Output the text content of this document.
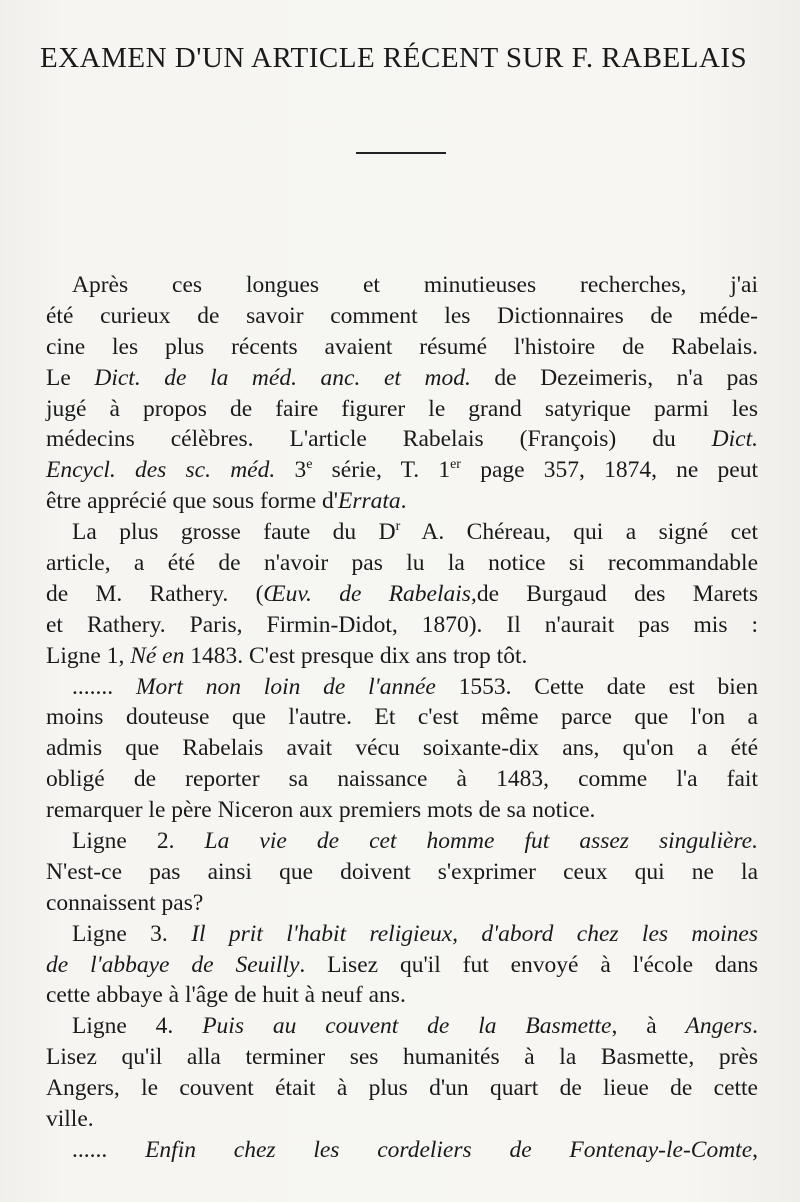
EXAMEN D'UN ARTICLE RÉCENT SUR F. RABELAIS
Après ces longues et minutieuses recherches, j'ai
été curieux de savoir comment les Dictionnaires de méde-
cine les plus récents avaient résumé l'histoire de Rabelais.
Le Dict. de la méd. anc. et mod. de Dezeimeris, n'a pas
jugé à propos de faire figurer le grand satyrique parmi les
médecins célèbres. L'article Rabelais (François) du Dict.
Encycl. des sc. méd. 3e série, T. 1er page 357, 1874, ne peut
être apprécié que sous forme d'Errata.
La plus grosse faute du $D^r$ A. Chéreau, qui a signé cet
article, a été de n'avoir pas lu la notice si recommandable
de M. Rathery. (Œuv. de Rabelais,de Burgaud des Marets
et Rathery. Paris, Firmin-Didot, 1870). Il n'aurait pas mis :
Ligne 1, Né en 1483. C'est presque dix ans trop tôt.
....... Mort non loin de l'année 1553. Cette date est bien
moins douteuse que l'autre. Et c'est même parce que l'on a
admis que Rabelais avait vécu soixante-dix ans, qu'on a été
obligé de reporter sa naissance à 1483, comme l'a fait
remarquer le père Niceron aux premiers mots de sa notice.
Ligne 2. La vie de cet homme fut assez singulière.
N'est-ce pas ainsi que doivent s'exprimer ceux qui ne la
connaissent pas?
Ligne 3. Il prit l'habit religieux, d'abord chez les moines
de l'abbaye de Seuilly. Lisez qu'il fut envoyé à l'école dans
cette abbaye à l'âge de huit à neuf ans.
Ligne 4. Puis au couvent de la Basmette, à Angers.
Lisez qu'il alla terminer ses humanités à la Basmette, près
Angers, le couvent était à plus d'un quart de lieue de cette
ville.
...... Enfin chez les cordeliers de Fontenay-le-Comte,
